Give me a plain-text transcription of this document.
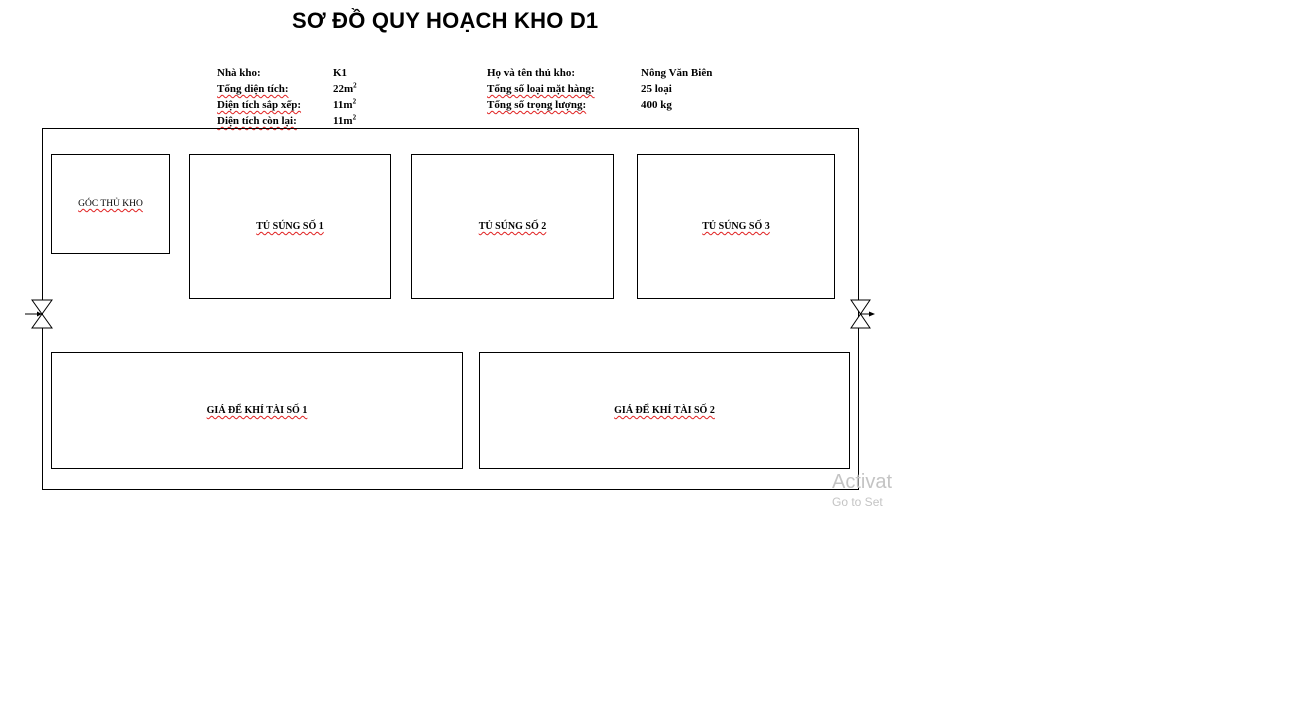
SƠ ĐỒ QUY HOẠCH KHO D1
Nhà kho:	K1
Tổng diện tích:	$22m^2$
Diện tích sắp xếp:	$11m^2$
Diện tích còn lại:	$11m^2$
Họ và tên thủ kho:	Nông Văn Biên
Tổng số loại mặt hàng:	25 loại
Tổng số trọng lượng:	400 kg
GÓC THỦ KHO
TỦ SÚNG SỐ 1	TỦ SÚNG SỐ 2	TỦ SÚNG SỐ 3
GIÁ ĐỂ KHÍ TÀI SỐ 1	GIÁ ĐỂ KHÍ TÀI SỐ 2
Activat
Go to Set
